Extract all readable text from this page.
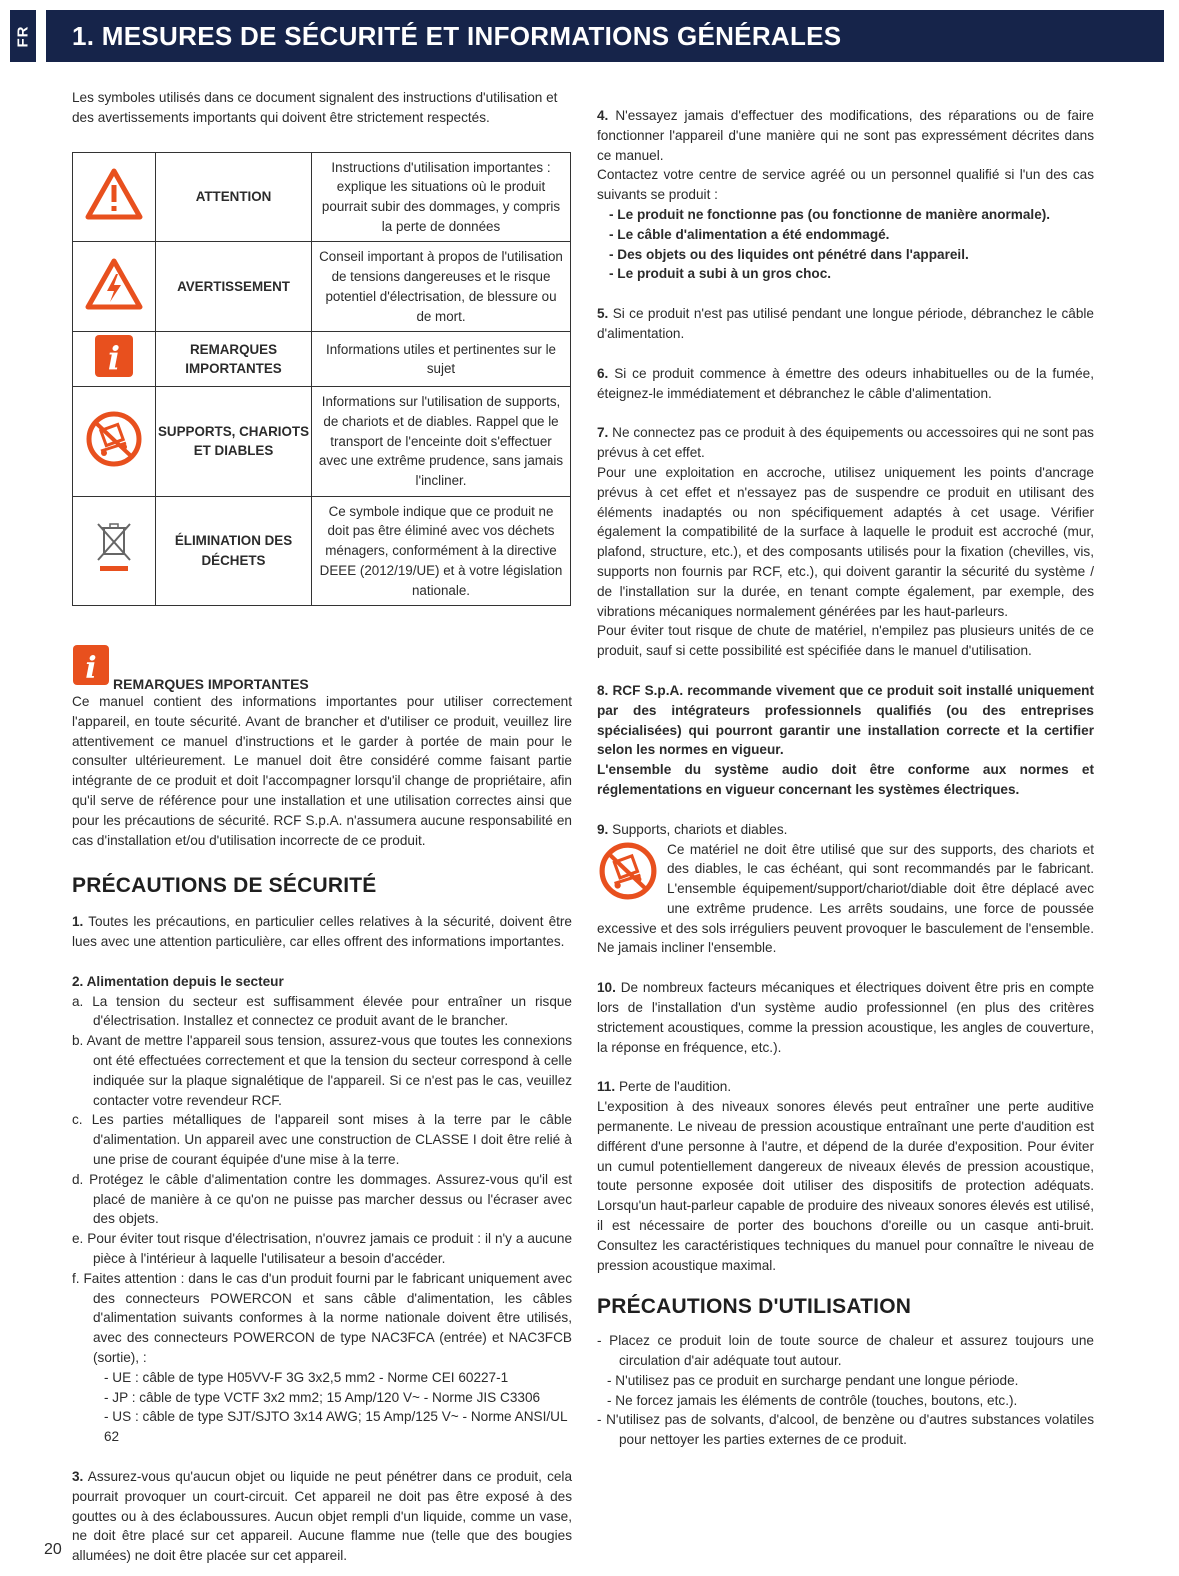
FR	1. MESURES DE SÉCURITÉ ET INFORMATIONS GÉNÉRALES

Les symboles utilisés dans ce document signalent des instructions d'utilisation et des avertissements importants qui doivent être strictement respectés.

	ATTENTION	Instructions d'utilisation importantes : explique les situations où le produit pourrait subir des dommages, y compris la perte de données
	AVERTISSEMENT	Conseil important à propos de l'utilisation de tensions dangereuses et le risque potentiel d'électrisation, de blessure ou de mort.

i	REMARQUES IMPORTANTES	Informations utiles et pertinentes sur le sujet
	SUPPORTS, CHARIOTS ET DIABLES	Informations sur l'utilisation de supports, de chariots et de diables. Rappel que le transport de l'enceinte doit s'effectuer avec une extrême prudence, sans jamais l'incliner.
	ÉLIMINATION DES DÉCHETS	Ce symbole indique que ce produit ne doit pas être éliminé avec vos déchets ménagers, conformément à la directive DEEE (2012/19/UE) et à votre législation nationale.
i REMARQUES IMPORTANTES

Ce manuel contient des informations importantes pour utiliser correctement l'appareil, en toute sécurité. Avant de brancher et d'utiliser ce produit, veuillez lire attentivement ce manuel d'instructions et le garder à portée de main pour le consulter ultérieurement. Le manuel doit être considéré comme faisant partie intégrante de ce produit et doit l'accompagner lorsqu'il change de propriétaire, afin qu'il serve de référence pour une installation et une utilisation correctes ainsi que pour les précautions de sécurité. RCF S.p.A. n'assumera aucune responsabilité en cas d'installation et/ou d'utilisation incorrecte de ce produit.

PRÉCAUTIONS DE SÉCURITÉ

1. Toutes les précautions, en particulier celles relatives à la sécurité, doivent être lues avec une attention particulière, car elles offrent des informations importantes.

2. Alimentation depuis le secteur
a. La tension du secteur est suffisamment élevée pour entraîner un risque d'électrisation. Installez et connectez ce produit avant de le brancher.
b. Avant de mettre l'appareil sous tension, assurez-vous que toutes les connexions ont été effectuées correctement et que la tension du secteur correspond à celle indiquée sur la plaque signalétique de l'appareil. Si ce n'est pas le cas, veuillez contacter votre revendeur RCF.
c. Les parties métalliques de l'appareil sont mises à la terre par le câble d'alimentation. Un appareil avec une construction de CLASSE I doit être relié à une prise de courant équipée d'une mise à la terre.
d. Protégez le câble d'alimentation contre les dommages. Assurez-vous qu'il est placé de manière à ce qu'on ne puisse pas marcher dessus ou l'écraser avec des objets.
e. Pour éviter tout risque d'électrisation, n'ouvrez jamais ce produit : il n'y a aucune pièce à l'intérieur à laquelle l'utilisateur a besoin d'accéder.
f. Faites attention : dans le cas d'un produit fourni par le fabricant uniquement avec des connecteurs POWERCON et sans câble d'alimentation, les câbles d'alimentation suivants conformes à la norme nationale doivent être utilisés, avec des connecteurs POWERCON de type NAC3FCA (entrée) et NAC3FCB (sortie), :
- UE : câble de type H05VV-F 3G 3x2,5 mm2 - Norme CEI 60227-1
- JP : câble de type VCTF 3x2 mm2; 15 Amp/120 V~ - Norme JIS C3306
- US : câble de type SJT/SJTO 3x14 AWG; 15 Amp/125 V~ - Norme ANSI/UL 62

3. Assurez-vous qu'aucun objet ou liquide ne peut pénétrer dans ce produit, cela pourrait provoquer un court-circuit. Cet appareil ne doit pas être exposé à des gouttes ou à des éclaboussures. Aucun objet rempli d'un liquide, comme un vase, ne doit être placé sur cet appareil. Aucune flamme nue (telle que des bougies allumées) ne doit être placée sur cet appareil.

4. N'essayez jamais d'effectuer des modifications, des réparations ou de faire fonctionner l'appareil d'une manière qui ne sont pas expressément décrites dans ce manuel.

Contactez votre centre de service agréé ou un personnel qualifié si l'un des cas suivants se produit :

- Le produit ne fonctionne pas (ou fonctionne de manière anormale).
- Le câble d'alimentation a été endommagé.
- Des objets ou des liquides ont pénétré dans l'appareil.
- Le produit a subi à un gros choc.

5. Si ce produit n'est pas utilisé pendant une longue période, débranchez le câble d'alimentation.

6. Si ce produit commence à émettre des odeurs inhabituelles ou de la fumée, éteignez-le immédiatement et débranchez le câble d'alimentation.

7. Ne connectez pas ce produit à des équipements ou accessoires qui ne sont pas prévus à cet effet.

Pour une exploitation en accroche, utilisez uniquement les points d'ancrage prévus à cet effet et n'essayez pas de suspendre ce produit en utilisant des éléments inadaptés ou non spécifiquement adaptés à cet usage. Vérifier également la compatibilité de la surface à laquelle le produit est accroché (mur, plafond, structure, etc.), et des composants utilisés pour la fixation (chevilles, vis, supports non fournis par RCF, etc.), qui doivent garantir la sécurité du système / de l'installation sur la durée, en tenant compte également, par exemple, des vibrations mécaniques normalement générées par les haut-parleurs.

Pour éviter tout risque de chute de matériel, n'empilez pas plusieurs unités de ce produit, sauf si cette possibilité est spécifiée dans le manuel d'utilisation.

8. RCF S.p.A. recommande vivement que ce produit soit installé uniquement par des intégrateurs professionnels qualifiés (ou des entreprises spécialisées) qui pourront garantir une installation correcte et la certifier selon les normes en vigueur.

L'ensemble du système audio doit être conforme aux normes et réglementations en vigueur concernant les systèmes électriques.

9. Supports, chariots et diables.

Ce matériel ne doit être utilisé que sur des supports, des chariots et des diables, le cas échéant, qui sont recommandés par le fabricant. L'ensemble équipement/support/chariot/diable doit être déplacé avec une extrême prudence. Les arrêts soudains, une force de poussée excessive et des sols irréguliers peuvent provoquer le basculement de l'ensemble. Ne jamais incliner l'ensemble.

10. De nombreux facteurs mécaniques et électriques doivent être pris en compte lors de l'installation d'un système audio professionnel (en plus des critères strictement acoustiques, comme la pression acoustique, les angles de couverture, la réponse en fréquence, etc.).

11. Perte de l'audition.

L'exposition à des niveaux sonores élevés peut entraîner une perte auditive permanente. Le niveau de pression acoustique entraînant une perte d'audition est différent d'une personne à l'autre, et dépend de la durée d'exposition. Pour éviter un cumul potentiellement dangereux de niveaux élevés de pression acoustique, toute personne exposée doit utiliser des dispositifs de protection adéquats. Lorsqu'un haut-parleur capable de produire des niveaux sonores élevés est utilisé, il est nécessaire de porter des bouchons d'oreille ou un casque anti-bruit. Consultez les caractéristiques techniques du manuel pour connaître le niveau de pression acoustique maximal.

PRÉCAUTIONS D'UTILISATION
- Placez ce produit loin de toute source de chaleur et assurez toujours une circulation d'air adéquate tout autour.
- N'utilisez pas ce produit en surcharge pendant une longue période.
- Ne forcez jamais les éléments de contrôle (touches, boutons, etc.).
- N'utilisez pas de solvants, d'alcool, de benzène ou d'autres substances volatiles pour nettoyer les parties externes de ce produit.
20
